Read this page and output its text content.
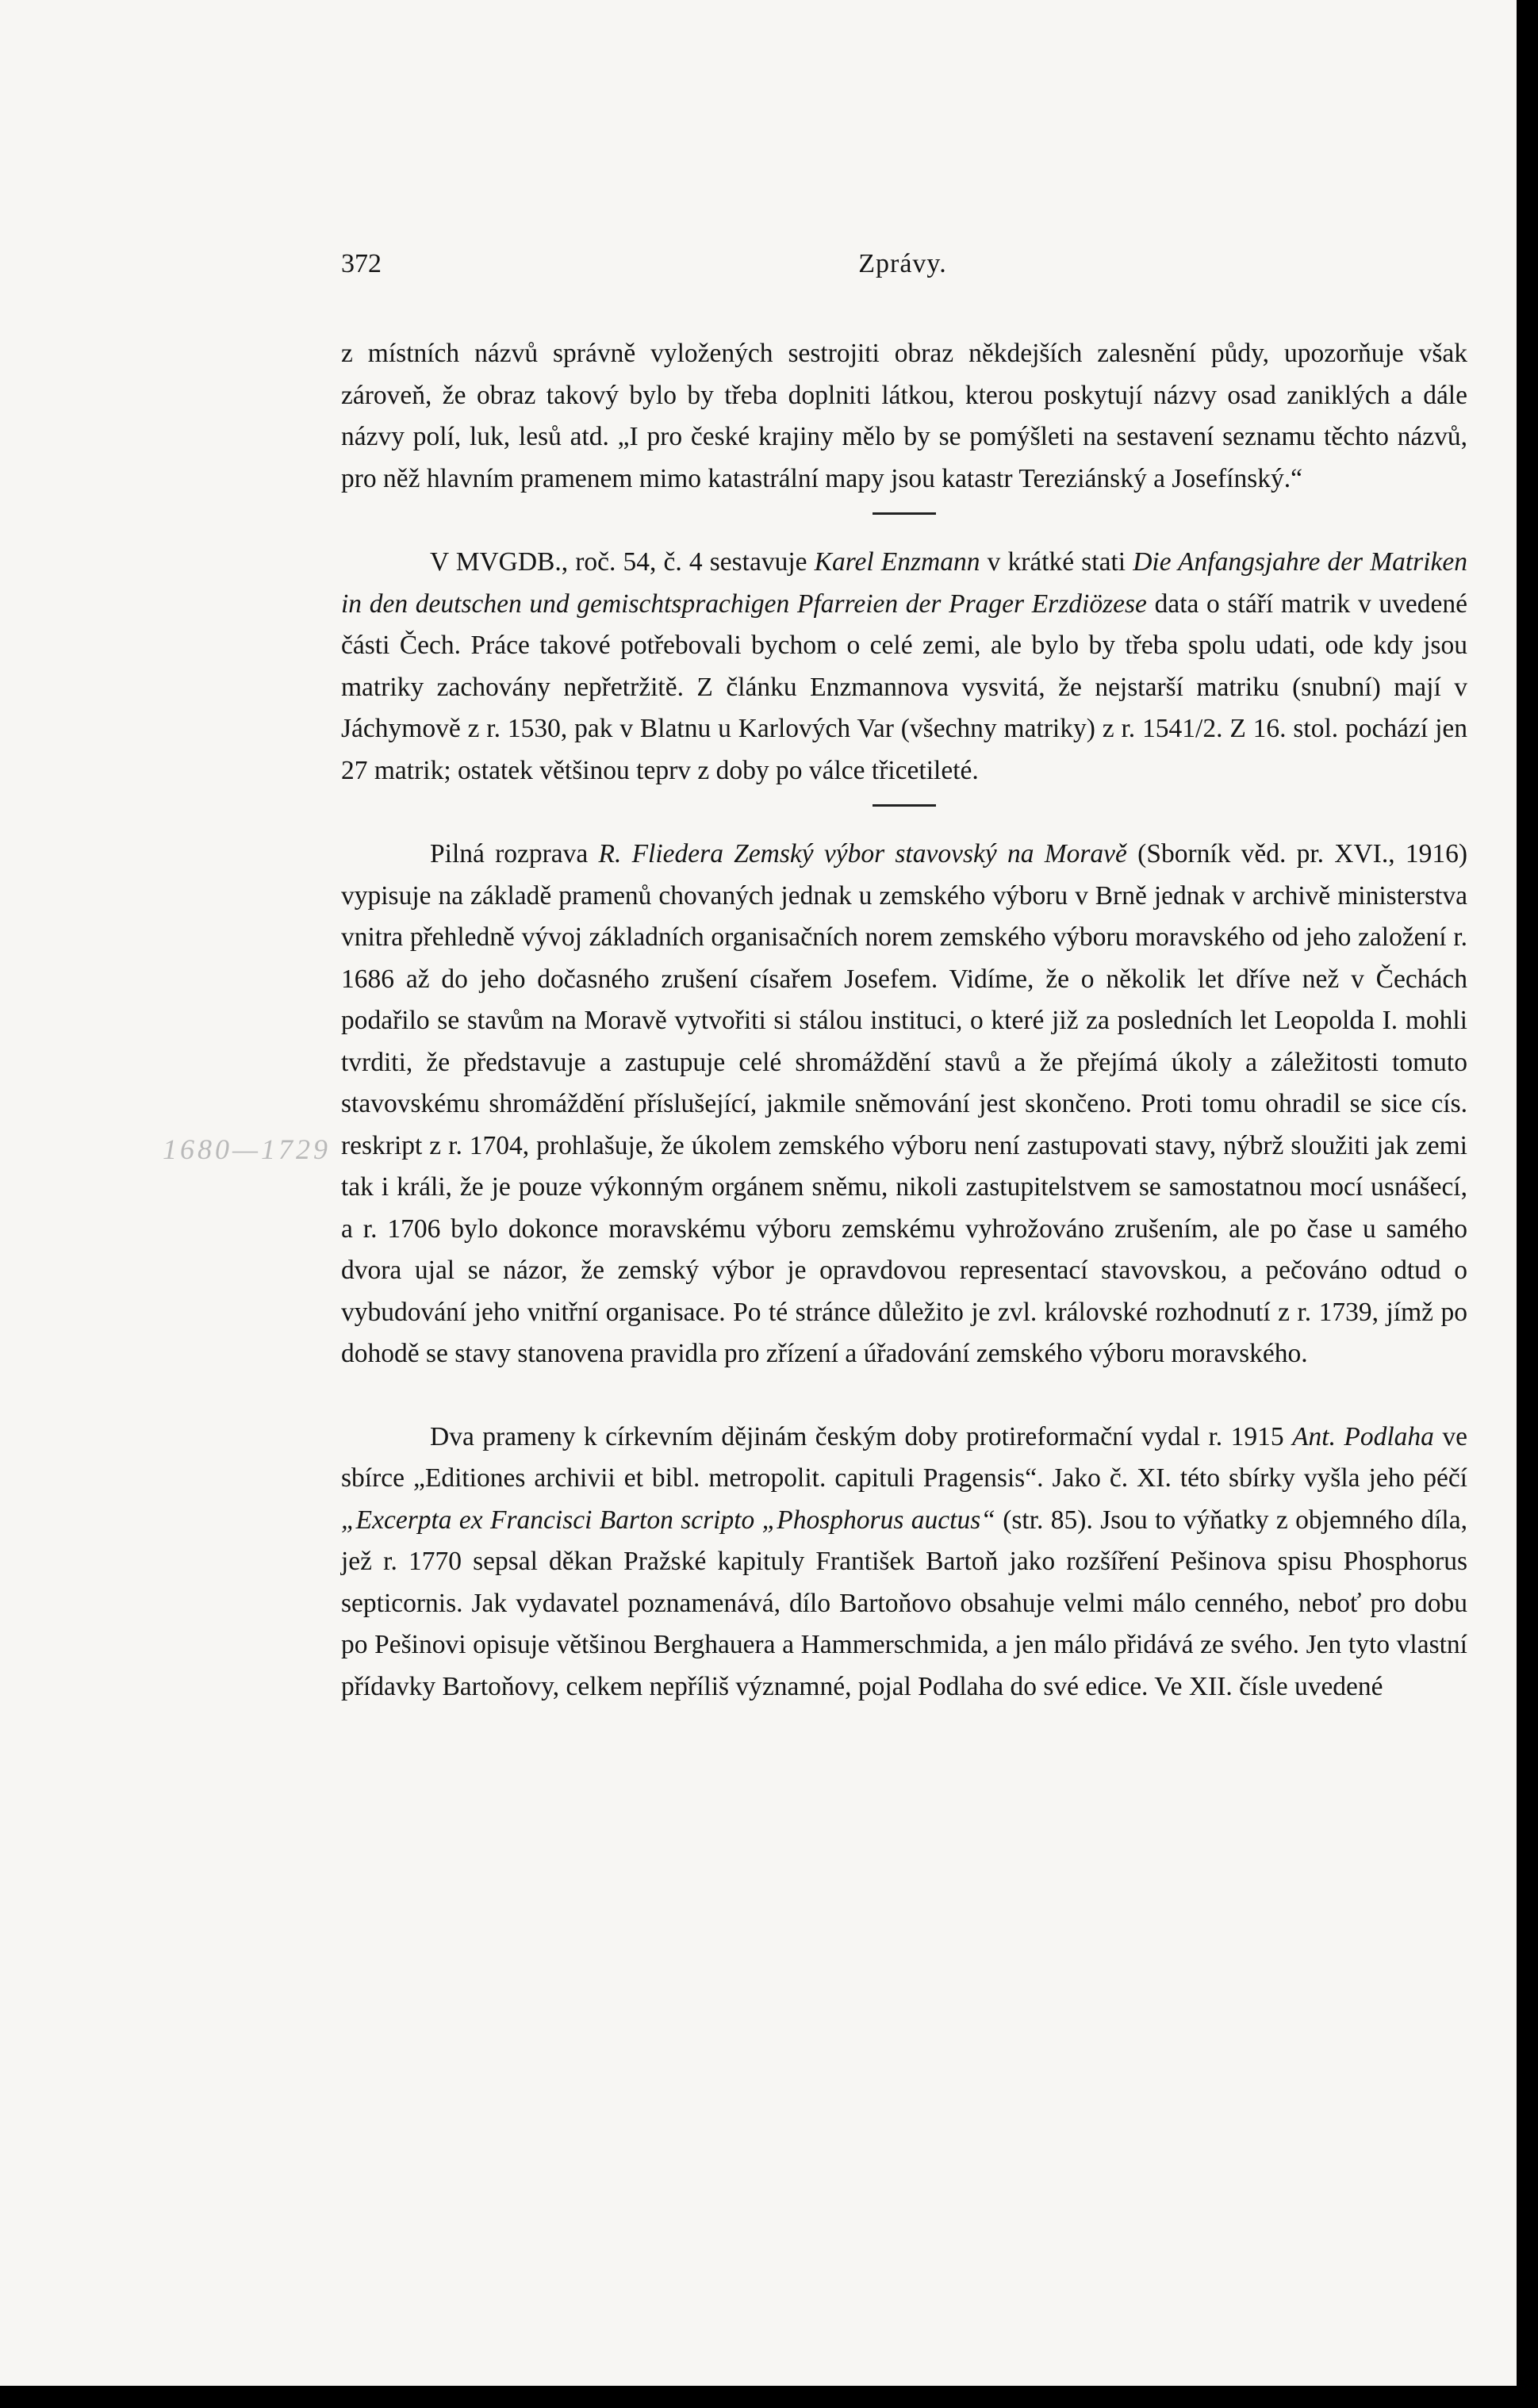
372	Zprávy.
1680—1729

z místních názvů správně vyložených sestrojiti obraz někdejších zalesnění půdy, upozorňuje však zároveň, že obraz takový bylo by třeba doplniti látkou, kterou poskytují názvy osad zaniklých a dále názvy polí, luk, lesů atd. „I pro české krajiny mělo by se pomýšleti na sestavení seznamu těchto názvů, pro něž hlavním pramenem mimo katastrální mapy jsou katastr Tereziánský a Josefínský.“

V MVGDB., roč. 54, č. 4 sestavuje Karel Enzmann v krátké stati Die Anfangsjahre der Matriken in den deutschen und gemischtsprachigen Pfarreien der Prager Erzdiözese data o stáří matrik v uvedené části Čech. Práce takové potřebovali bychom o celé zemi, ale bylo by třeba spolu udati, ode kdy jsou matriky zachovány nepřetržitě. Z článku Enzmannova vysvitá, že nejstarší matriku (snubní) mají v Jáchymově z r. 1530, pak v Blatnu u Karlových Var (všechny matriky) z r. 1541/2. Z 16. stol. pochází jen 27 matrik; ostatek většinou teprv z doby po válce třicetileté.

Pilná rozprava R. Fliedera Zemský výbor stavovský na Moravě (Sborník věd. pr. XVI., 1916) vypisuje na základě pramenů chovaných jednak u zemského výboru v Brně jednak v archivě ministerstva vnitra přehledně vývoj základních organisačních norem zemského výboru moravského od jeho založení r. 1686 až do jeho dočasného zrušení císařem Josefem. Vidíme, že o několik let dříve než v Čechách podařilo se stavům na Moravě vytvořiti si stálou instituci, o které již za posledních let Leopolda I. mohli tvrditi, že představuje a zastupuje celé shromáždění stavů a že přejímá úkoly a záležitosti tomuto stavovskému shromáždění příslušející, jakmile sněmování jest skončeno. Proti tomu ohradil se sice cís. reskript z r. 1704, prohlašuje, že úkolem zemského výboru není zastupovati stavy, nýbrž sloužiti jak zemi tak i králi, že je pouze výkonným orgánem sněmu, nikoli zastupitelstvem se samostatnou mocí usnášecí, a r. 1706 bylo dokonce moravskému výboru zemskému vyhrožováno zrušením, ale po čase u samého dvora ujal se názor, že zemský výbor je opravdovou representací stavovskou, a pečováno odtud o vybudování jeho vnitřní organisace. Po té stránce důležito je zvl. královské rozhodnutí z r. 1739, jímž po dohodě se stavy stanovena pravidla pro zřízení a úřadování zemského výboru moravského.

Dva prameny k církevním dějinám českým doby protireformační vydal r. 1915 Ant. Podlaha ve sbírce „Editiones archivii et bibl. metropolit. capituli Pragensis“. Jako č. XI. této sbírky vyšla jeho péčí „Excerpta ex Francisci Barton scripto „Phosphorus auctus“ (str. 85). Jsou to výňatky z objemného díla, jež r. 1770 sepsal děkan Pražské kapituly František Bartoň jako rozšíření Pešinova spisu Phosphorus septicornis. Jak vydavatel poznamenává, dílo Bartoňovo obsahuje velmi málo cenného, neboť pro dobu po Pešinovi opisuje většinou Berghauera a Hammerschmida, a jen málo přidává ze svého. Jen tyto vlastní přídavky Bartoňovy, celkem nepříliš významné, pojal Podlaha do své edice. Ve XII. čísle uvedené
